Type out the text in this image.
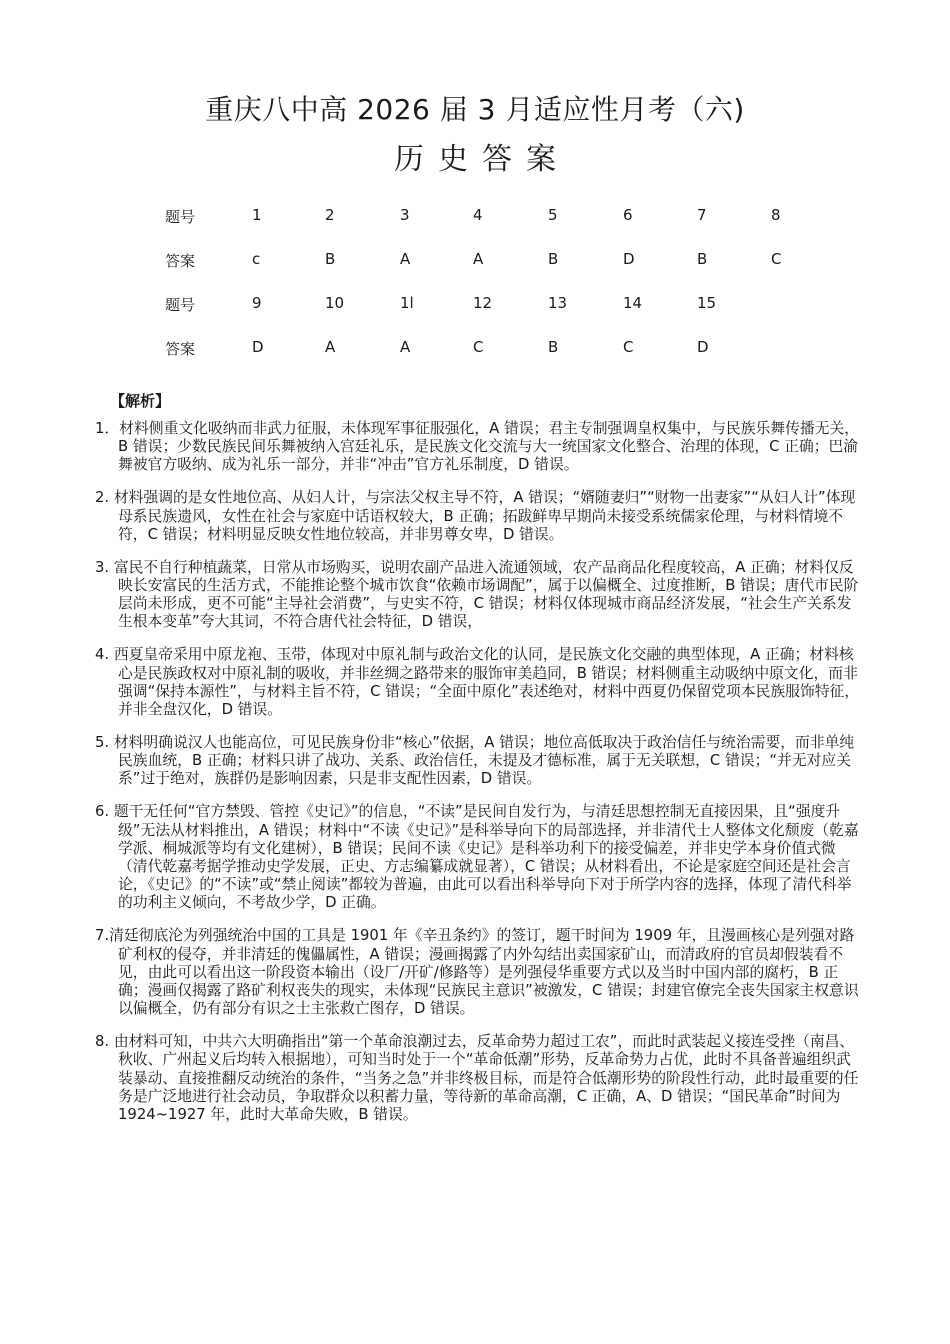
重庆八中高 2026 届 3 月适应性月考（六)
历史答案
题号	1	2	3	4	5	6	7	8
答案	c	B	A	A	B	D	B	C
题号	9	10	1l	12	13	14	15
答案	D	A	A	C	B	C	D
【解析】

1．材料侧重文化吸纳而非武力征服，未体现军事征服强化，A 错误；君主专制强调皇权集中，与民族乐舞传播无关，B 错误；少数民族民间乐舞被纳入宫廷礼乐，是民族文化交流与大一统国家文化整合、治理的体现，C 正确；巴渝舞被官方吸纳、成为礼乐一部分，并非“冲击”官方礼乐制度，D 错误。

2. 材料强调的是女性地位高、从妇人计，与宗法父权主导不符，A 错误；“婿随妻归”“财物一出妻家”“从妇人计”体现母系民族遗风，女性在社会与家庭中话语权较大，B 正确；拓跋鲜卑早期尚未接受系统儒家伦理，与材料情境不符，C 错误；材料明显反映女性地位较高，并非男尊女卑，D 错误。

3. 富民不自行种植蔬菜，日常从市场购买，说明农副产品进入流通领域，农产品商品化程度较高，A 正确；材料仅反映长安富民的生活方式，不能推论整个城市饮食“依赖市场调配”，属于以偏概全、过度推断，B 错误；唐代市民阶层尚未形成，更不可能“主导社会消费”，与史实不符，C 错误；材料仅体现城市商品经济发展，“社会生产关系发生根本变革”夸大其词，不符合唐代社会特征，D 错误，

4. 西夏皇帝采用中原龙袍、玉带，体现对中原礼制与政治文化的认同，是民族文化交融的典型体现，A 正确；材料核心是民族政权对中原礼制的吸收，并非丝绸之路带来的服饰审美趋同，B 错误；材料侧重主动吸纳中原文化，而非强调“保持本源性”，与材料主旨不符，C 错误；“全面中原化”表述绝对，材料中西夏仍保留党项本民族服饰特征，并非全盘汉化，D 错误。

5. 材料明确说汉人也能高位，可见民族身份非“核心”依据，A 错误；地位高低取决于政治信任与统治需要，而非单纯民族血统，B 正确；材料只讲了战功、关系、政治信任，未提及才德标准，属于无关联想，C 错误；“并无对应关系”过于绝对，族群仍是影响因素，只是非支配性因素，D 错误。

6. 题干无任何“官方禁毁、管控《史记》”的信息，“不读”是民间自发行为，与清廷思想控制无直接因果，且“强度升级”无法从材料推出，A 错误；材料中“不读《史记》”是科举导向下的局部选择，并非清代士人整体文化颓废（乾嘉学派、桐城派等均有文化建树），B 错误；民间不读《史记》是科举功利下的接受偏差，并非史学本身价值式微（清代乾嘉考据学推动史学发展，正史、方志编纂成就显著），C 错误；从材料看出，不论是家庭空间还是社会言论，《史记》的“不读”或“禁止阅读”都较为普遍，由此可以看出科举导向下对于所学内容的选择，体现了清代科举的功利主义倾向，不考故少学，D 正确。

7.清廷彻底沦为列强统治中国的工具是 1901 年《辛丑条约》的签订，题干时间为 1909 年，且漫画核心是列强对路矿利权的侵夺，并非清廷的傀儡属性，A 错误；漫画揭露了内外勾结出卖国家矿山，而清政府的官员却假装看不见，由此可以看出这一阶段资本输出（设厂/开矿/修路等）是列强侵华重要方式以及当时中国内部的腐朽，B 正确；漫画仅揭露了路矿利权丧失的现实，未体现“民族民主意识”被激发，C 错误；封建官僚完全丧失国家主权意识以偏概全，仍有部分有识之士主张救亡图存，D 错误。

8. 由材料可知，中共六大明确指出“第一个革命浪潮过去，反革命势力超过工农”，而此时武装起义接连受挫（南昌、秋收、广州起义后均转入根据地），可知当时处于一个“革命低潮”形势，反革命势力占优，此时不具备普遍组织武装暴动、直接推翻反动统治的条件，“当务之急”并非终极目标，而是符合低潮形势的阶段性行动，此时最重要的任务是广泛地进行社会动员，争取群众以积蓄力量，等待新的革命高潮，C 正确，A、D 错误；“国民革命”时间为 1924~1927 年，此时大革命失败，B 错误。
